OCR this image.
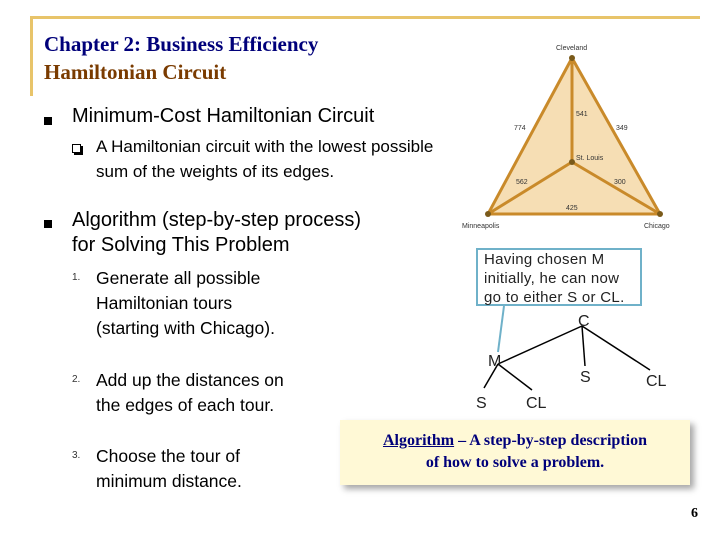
Chapter 2: Business Efficiency
Hamiltonian Circuit
Minimum-Cost Hamiltonian Circuit
A Hamiltonian circuit with the lowest possible sum of the weights of its edges.
Algorithm (step-by-step process)
for Solving This Problem
1. Generate all possible Hamiltonian tours (starting with Chicago).
2. Add up the distances on the edges of each tour.
3. Choose the tour of minimum distance.
Cleveland
Minneapolis	Chicago
St. Louis
774	349
425
541
562	300
Having chosen M
initially, he can now
go to either S or CL.
C
M
S	CL
S CL
Algorithm – A step-by-step description
of how to solve a problem.
6
